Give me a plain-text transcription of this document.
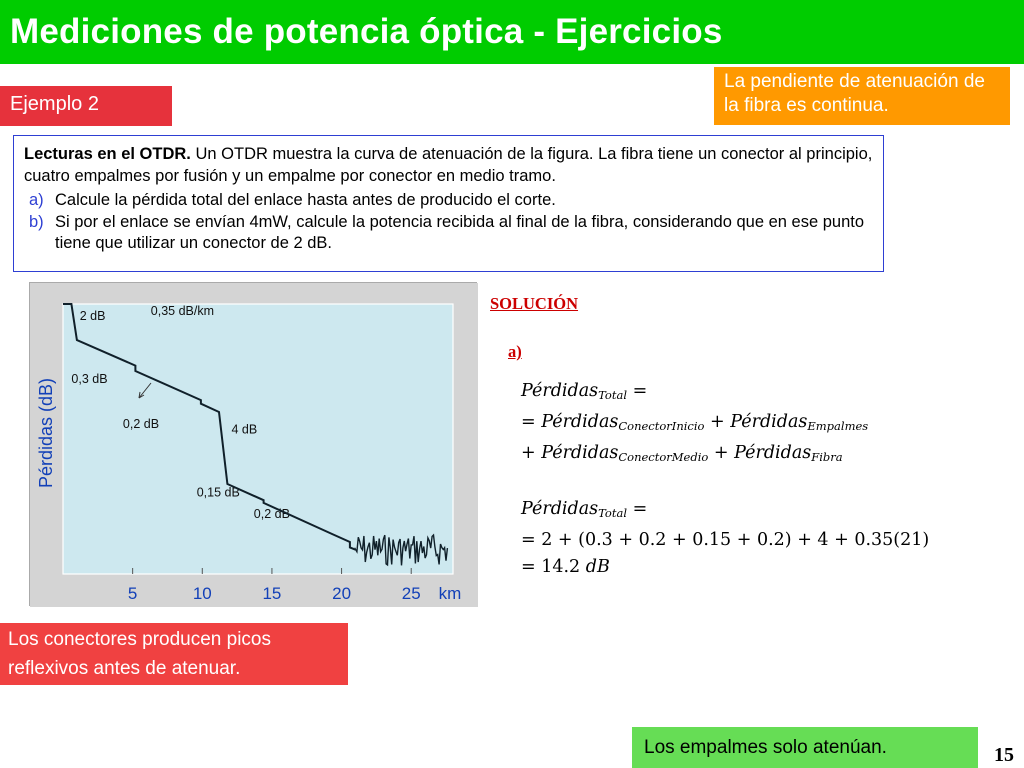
Mediciones de potencia óptica - Ejercicios
La pendiente de atenuación de la fibra es continua.
Ejemplo 2

Lecturas en el OTDR. Un OTDR muestra la curva de atenuación de la figura. La fibra tiene un conector al principio, cuatro empalmes por fusión y un empalme por conector en medio tramo.

a) Calcule la pérdida total del enlace hasta antes de producido el corte.
b) Si por el enlace se envían 4mW, calcule la potencia recibida al final de la fibra, considerando que en ese punto tiene que utilizar un conector de 2 dB.
5	10	15	20	25
2 dB	0,35 dB/km
0,3 dB
0,2 dB	4 dB
0,15 dB
0,2 dB
Pérdidas (dB)
km
SOLUCIÓN
a)
Pérdidas$_{Total}$ =
= Pérdidas$_{ConectorInicio}$ + Pérdidas$_{Empalmes}$
+ Pérdidas$_{ConectorMedio}$ + Pérdidas$_{Fibra}$
Pérdidas$_{Total}$ =
= 2 + (0.3 + 0.2 + 0.15 + 0.2) + 4 + 0.35(21)
= 14.2 dB
Los conectores producen picos reflexivos antes de atenuar.
Los empalmes solo atenúan.	15
